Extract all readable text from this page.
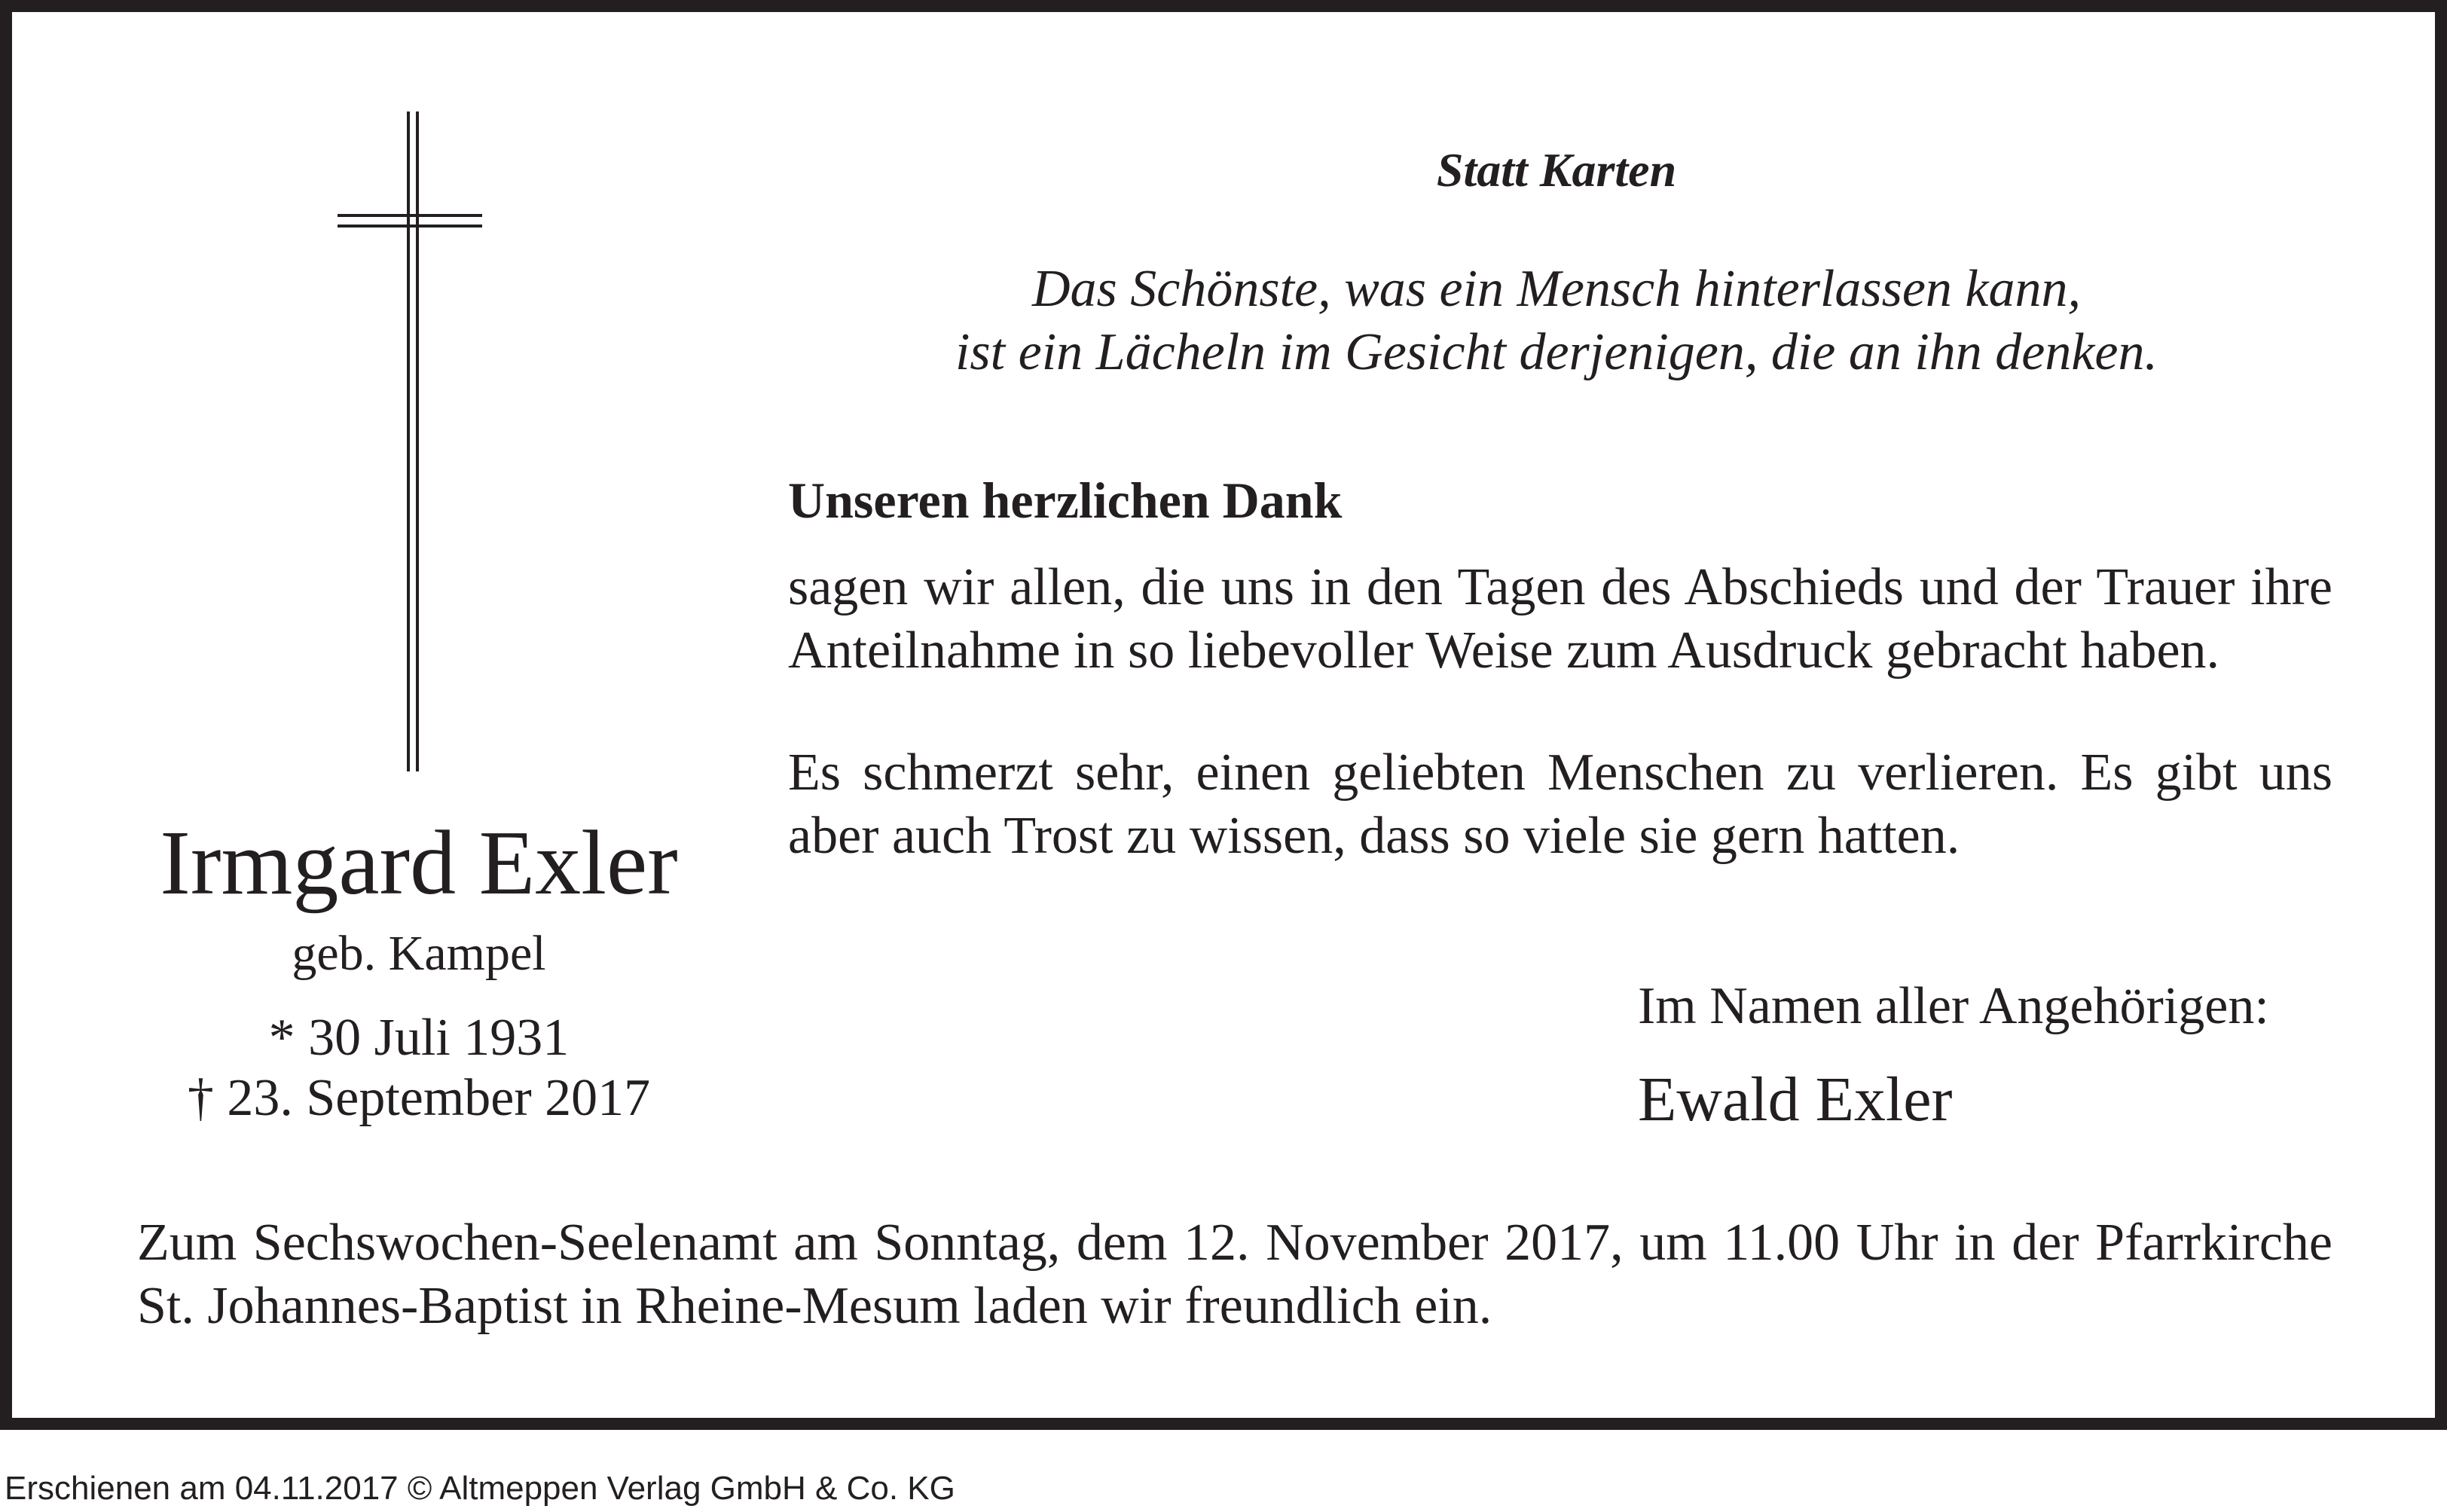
Statt Karten
Das Schönste, was ein Mensch hinterlassen kann,
ist ein Lächeln im Gesicht derjenigen, die an ihn denken.
Irmgard Exler
geb. Kampel
* 30 Juli 1931
† 23. September 2017
Unseren herzlichen Dank
sagen wir allen, die uns in den Tagen des Abschieds und der Trauer ihre Anteilnahme in so liebevoller Weise zum Ausdruck gebracht haben.
Es schmerzt sehr, einen geliebten Menschen zu verlieren. Es gibt uns aber auch Trost zu wissen, dass so viele sie gern hatten.
Im Namen aller Angehörigen:
Ewald Exler
Zum Sechswochen-Seelenamt am Sonntag, dem 12. November 2017, um 11.00 Uhr in der Pfarrkirche St. Johannes-Baptist in Rheine-Mesum laden wir freundlich ein.
Erschienen am 04.11.2017 © Altmeppen Verlag GmbH & Co. KG
